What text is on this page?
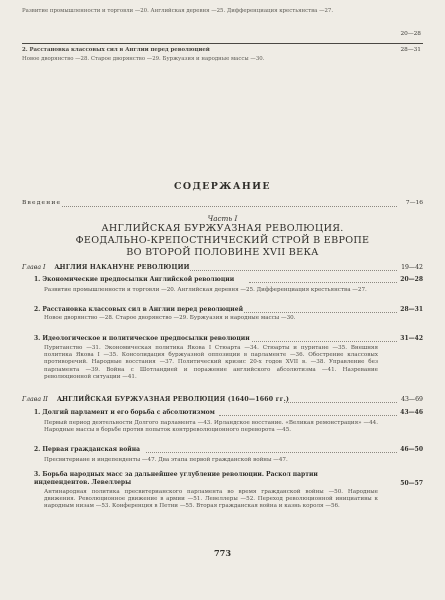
Развитие промышленности и торговли —20. Английская деревня —25. Дифференциация крестьянства —27.

20—28
2. Расстановка классовых сил в Англии перед революцией	28—31
Новое дворянство —28. Старое дворянство —29. Буржуазия и народные массы —30.
СОДЕРЖАНИЕ
Введение	7—16
Часть I
АНГЛИЙСКАЯ БУРЖУАЗНАЯ РЕВОЛЮЦИЯ.
ФЕОДАЛЬНО-КРЕПОСТНИЧЕСКИЙ СТРОЙ В ЕВРОПЕ
ВО ВТОРОЙ ПОЛОВИНЕ XVII ВЕКА
Глава I АНГЛИЯ НАКАНУНЕ РЕВОЛЮЦИИ	19—42
1. Экономические предпосылки Английской революции	20—28
Развитие промышленности и торговли —20. Английская деревня —25. Дифференциация крестьянства —27.
2. Расстановка классовых сил в Англии перед революцией	28—31
Новое дворянство —28. Старое дворянство —29. Буржуазия и народные массы —30.
3. Идеологическое и политическое предпосылки революции	31—42
Пуританство —31. Экономическая политика Якова I Стюарта —34. Стюарты и пуритане —35. Внешняя политика Якова I —35. Консолидация буржуазной оппозиции в парламенте —36. Обострение классовых противоречий. Народные восстания —37. Политический кризис 20-х годов XVII в. —38. Управление без парламента —39. Война с Шотландией и поражение английского абсолютизма —41. Назревание революционной ситуации —41.
Глава II АНГЛИЙСКАЯ БУРЖУАЗНАЯ РЕВОЛЮЦИЯ (1640—1660 гг.)	43—69
1. Долгий парламент и его борьба с абсолютизмом	43—46
Первый период деятельности Долгого парламента —43. Ирландское восстание. «Великая ремонстрация» —44. Народные массы в борьбе против попыток контрреволюционного переворота —45.
2. Первая гражданская война	46—50
Пресвитериане и индепенденты —47. Два этапа первой гражданской войны —47.
3. Борьба народных масс за дальнейшее углубление революции. Раскол партии индепендентов. Левеллеры	50—57
Антинародная политика пресвитерианского парламента во время гражданской войны —50. Народные движения. Революционное движение в армии —51. Левеллеры —52. Переход революционной инициативы к народным низам —53. Конференция в Петни —55. Вторая гражданская война и казнь короля —56.
773
